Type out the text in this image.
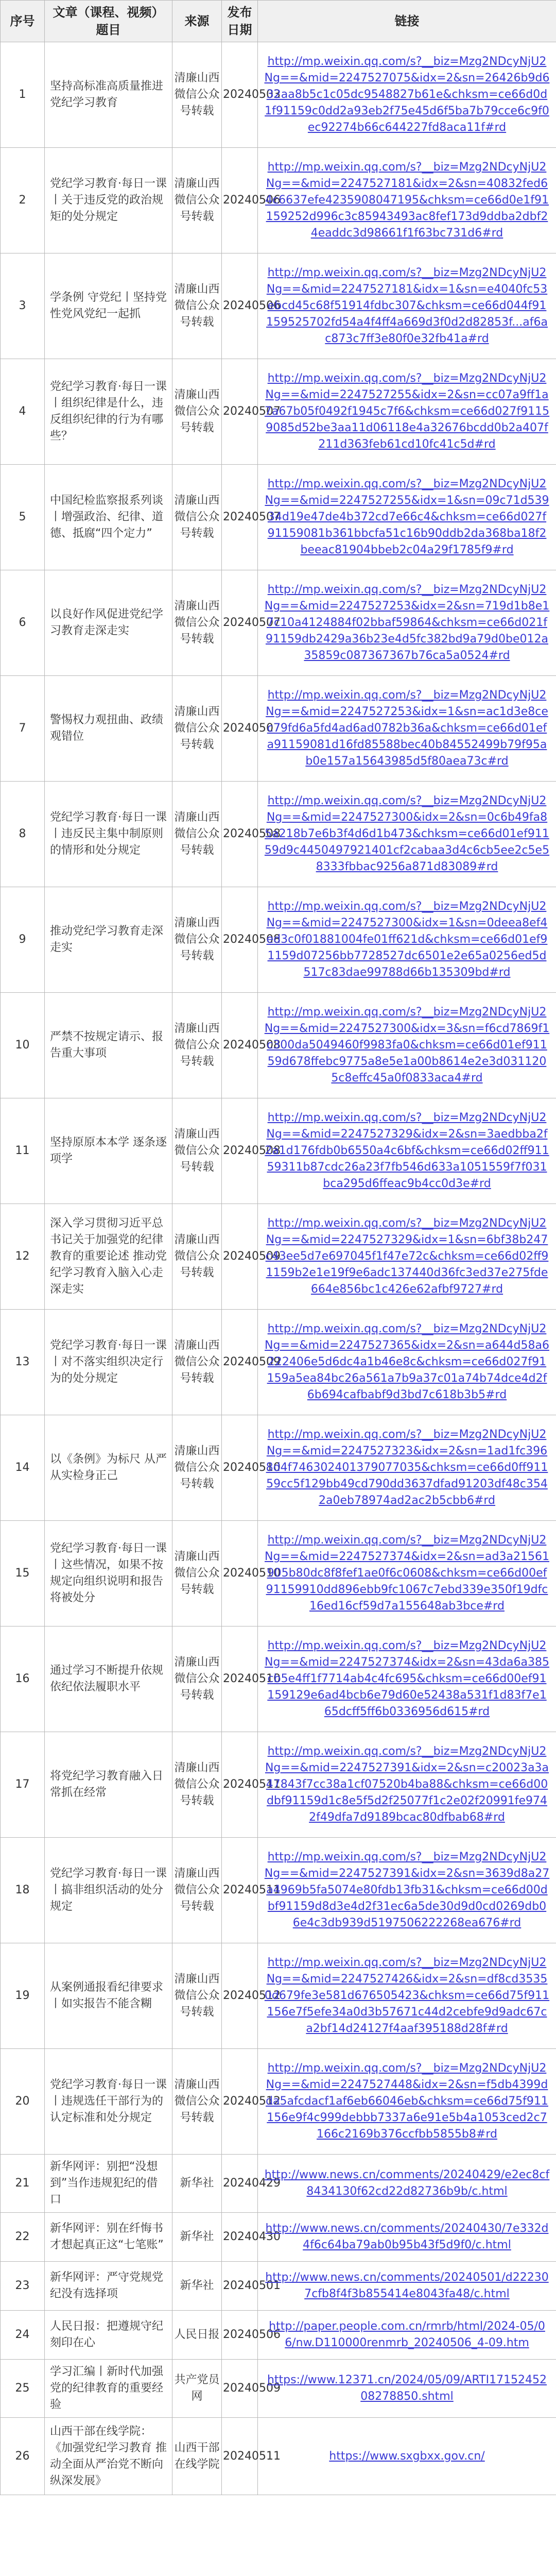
序号	文章（课程、视频）题目	来源	发布日期	链接
1	坚持高标准高质量推进党纪学习教育	清廉山西微信公众号转载	20240503	http://mp.weixin.qq.com/s?__biz=Mzg2NDcyNjU2Ng==&mid=2247527075&idx=2&sn=26426b9d632aa8b5c1c05dc9548827b61e&chksm=ce66d0d1f91159c0dd2a93eb2f75e45d6f5ba7b79cce6c9f0ec92274b66c644227fd8aca11f#rd
2	党纪学习教育·每日一课丨关于违反党的政治规矩的处分规定	清廉山西微信公众号转载	20240506	http://mp.weixin.qq.com/s?__biz=Mzg2NDcyNjU2Ng==&mid=2247527181&idx=2&sn=40832fed64c6637efe4235908047195&chksm=ce66d0e1f91159252d996c3c85943493ac8fef173d9ddba2dbf24eaddc3d98661f1f63bc731d6#rd
3	学条例 守党纪丨坚持党性党风党纪一起抓	清廉山西微信公众号转载	20240506	http://mp.weixin.qq.com/s?__biz=Mzg2NDcyNjU2Ng==&mid=2247527181&idx=1&sn=e4040fc53ebcd45c68f51914fdbc307&chksm=ce66d044f91159525702fd54a4f4ff4a669d3f0d2d82853f...af6ac873c7ff3e80f0e32fb41a#rd
4	党纪学习教育·每日一课丨组织纪律是什么，违反组织纪律的行为有哪些？	清廉山西微信公众号转载	20240507	http://mp.weixin.qq.com/s?__biz=Mzg2NDcyNjU2Ng==&mid=2247527255&idx=2&sn=cc07a9ff1a7a67b05f0492f1945c7f6&chksm=ce66d027f91159085d52be3aa11d06118e4a32676bcdd0b2a407f211d363feb61cd10fc41c5d#rd
5	中国纪检监察报系列谈丨增强政治、纪律、道德、抵腐“四个定力”	清廉山西微信公众号转载	20240507	http://mp.weixin.qq.com/s?__biz=Mzg2NDcyNjU2Ng==&mid=2247527255&idx=1&sn=09c71d53934d19e47de4b372cd7e66c4&chksm=ce66d027f91159081b361bbcfa51c16b90ddb2da368ba18f2beeac81904bbeb2c04a29f1785f9#rd
6	以良好作风促进党纪学习教育走深走实	清廉山西微信公众号转载	20240507	http://mp.weixin.qq.com/s?__biz=Mzg2NDcyNjU2Ng==&mid=2247527253&idx=2&sn=719d1b8e17c10a4124884f02bbaf59864&chksm=ce66d021f91159db2429a36b23e4d5fc382bd9a79d0be012a35859c087367367b76ca5a0524#rd
7	警惕权力观扭曲、政绩观错位	清廉山西微信公众号转载	20240507	http://mp.weixin.qq.com/s?__biz=Mzg2NDcyNjU2Ng==&mid=2247527253&idx=1&sn=ac1d3e8cec79fd6a5fd4ad6ad0782b36a&chksm=ce66d01efa91159081d16fd85588bec40b84552499b79f95ab0e157a15643985d5f80aea73c#rd
8	党纪学习教育·每日一课丨违反民主集中制原则的情形和处分规定	清廉山西微信公众号转载	20240508	http://mp.weixin.qq.com/s?__biz=Mzg2NDcyNjU2Ng==&mid=2247527300&idx=2&sn=0c6b49fa85a218b7e6b3f4d6d1b473&chksm=ce66d01ef91159d9c4450497921401cf2cabaa3d4c6cb5ee2c5e58333fbbac9256a871d83089#rd
9	推动党纪学习教育走深走实	清廉山西微信公众号转载	20240508	http://mp.weixin.qq.com/s?__biz=Mzg2NDcyNjU2Ng==&mid=2247527300&idx=1&sn=0deea8ef4ed3c0f01881004fe01ff621d&chksm=ce66d01ef91159d07256bb7728527dc6501e2e65a0256ed5d517c83dae99788d66b135309bd#rd
10	严禁不按规定请示、报告重大事项	清廉山西微信公众号转载	20240508	http://mp.weixin.qq.com/s?__biz=Mzg2NDcyNjU2Ng==&mid=2247527300&idx=3&sn=f6cd7869f1c300da5049460f9983fa0&chksm=ce66d01ef91159d678ffebc9775a8e5e1a00b8614e2e3d0311205c8effc45a0f0833aca4#rd
11	坚持原原本本学 逐条逐项学	清廉山西微信公众号转载	20240508	http://mp.weixin.qq.com/s?__biz=Mzg2NDcyNjU2Ng==&mid=2247527329&idx=2&sn=3aedbba2f2a1d176fdb0b6550a4c6bf&chksm=ce66d02ff91159311b87cdc26a23f7fb546d633a1051559f7f031bca295d6ffeac9b4cc0d3e#rd
12	深入学习贯彻习近平总书记关于加强党的纪律教育的重要论述 推动党纪学习教育入脑入心走深走实	清廉山西微信公众号转载	20240509	http://mp.weixin.qq.com/s?__biz=Mzg2NDcyNjU2Ng==&mid=2247527329&idx=1&sn=6bf38b247c43ee5d7e697045f1f47e72c&chksm=ce66d02ff91159b2e1e19f9e6adc137440d36fc3ed37e275fde664e856bc1c426e62afbf9727#rd
13	党纪学习教育·每日一课丨对不落实组织决定行为的处分规定	清廉山西微信公众号转载	20240509	http://mp.weixin.qq.com/s?__biz=Mzg2NDcyNjU2Ng==&mid=2247527365&idx=2&sn=a644d58a6222406e5d6dc4a1b46e8c&chksm=ce66d027f91159a5ea84bc26a561a7b9a37c01a74b74dce4d2f6b694cafbabf9d3bd7c618b3b5#rd
14	以《条例》为标尺 从严从实检身正己	清廉山西微信公众号转载	20240510	http://mp.weixin.qq.com/s?__biz=Mzg2NDcyNjU2Ng==&mid=2247527323&idx=2&sn=1ad1fc3968d4f746302401379077035&chksm=ce66d0ff91159cc5f129bb49cd790dd3637dfad91203df48c3542a0eb78974ad2ac2b5cbb6#rd
15	党纪学习教育·每日一课丨这些情况，如果不按规定向组织说明和报告将被处分	清廉山西微信公众号转载	20240510	http://mp.weixin.qq.com/s?__biz=Mzg2NDcyNjU2Ng==&mid=2247527374&idx=2&sn=ad3a21561905b80dc8f8fef1ae0f6c0608&chksm=ce66d00ef91159910dd896ebb9fc1067c7ebd339e350f19dfc16ed16cf59d7a155648ab3bce#rd
16	通过学习不断提升依规依纪依法履职水平	清廉山西微信公众号转载	20240510	http://mp.weixin.qq.com/s?__biz=Mzg2NDcyNjU2Ng==&mid=2247527374&idx=2&sn=43da6a385cb5e4ff1f7714ab4c4fc695&chksm=ce66d00ef91159129e6ad4bcb6e79d60e52438a531f1d83f7e165dcff5ff6b0336956d615#rd
17	将党纪学习教育融入日常抓在经常	清廉山西微信公众号转载	20240511	http://mp.weixin.qq.com/s?__biz=Mzg2NDcyNjU2Ng==&mid=2247527391&idx=2&sn=c20023a3a47843f7cc38a1cf07520b4ba88&chksm=ce66d00dbf91159d1c8e5f5d2f25077f1c2e02f20991fe9742f49dfa7d9189bcac80dfbab68#rd
18	党纪学习教育·每日一课丨搞非组织活动的处分规定	清廉山西微信公众号转载	20240511	http://mp.weixin.qq.com/s?__biz=Mzg2NDcyNjU2Ng==&mid=2247527391&idx=2&sn=3639d8a27a4969b5fa5074e80fdb13fb31&chksm=ce66d00dbf91159d8d3e4d2f31ec6a5de30d9d0cd0269db06e4c3db939d5197506222268ea676#rd
19	从案例通报看纪律要求丨如实报告不能含糊	清廉山西微信公众号转载	20240512	http://mp.weixin.qq.com/s?__biz=Mzg2NDcyNjU2Ng==&mid=2247527426&idx=2&sn=df8cd35350d679fe3e581d676505423&chksm=ce66d75f911156e7f5efe34a0d3b57671c44d2cebfe9d9adc67ca2bf14d24127f4aaf395188d28f#rd
20	党纪学习教育·每日一课丨违规选任干部行为的认定标准和处分规定	清廉山西微信公众号转载	20240512	http://mp.weixin.qq.com/s?__biz=Mzg2NDcyNjU2Ng==&mid=2247527448&idx=2&sn=f5db4399dda5afcdacf1af6eb66046eb&chksm=ce66d75f911156e9f4c999debbb7337a6e91e5b4a1053ced2c7166c2169b376ccfbb5855b8#rd
21	新华网评：别把“没想到”当作违规犯纪的借口	新华社	20240429	http://www.news.cn/comments/20240429/e2ec8cf8434130f62cd22d82736b9b/c.html
22	新华网评：别在纤悔书才想起真正这“七笔账”	新华社	20240430	http://www.news.cn/comments/20240430/7e332d4f6c64ba79ab0b95b43f5d9f0/c.html
23	新华网评：严守党规党纪没有选择项	新华社	20240501	http://www.news.cn/comments/20240501/d222307cfb8f4f3b855414e8043fa48/c.html
24	人民日报：把遵规守纪刻印在心	人民日报	20240506	http://paper.people.com.cn/rmrb/html/2024-05/06/nw.D110000renmrb_20240506_4-09.htm
25	学习汇编丨新时代加强党的纪律教育的重要经验	共产党员网	20240509	https://www.12371.cn/2024/05/09/ARTI1715245208278850.shtml
26	山西干部在线学院：《加强党纪学习教育 推动全面从严治党不断向纵深发展》	山西干部在线学院	20240511	https://www.sxgbxx.gov.cn/
